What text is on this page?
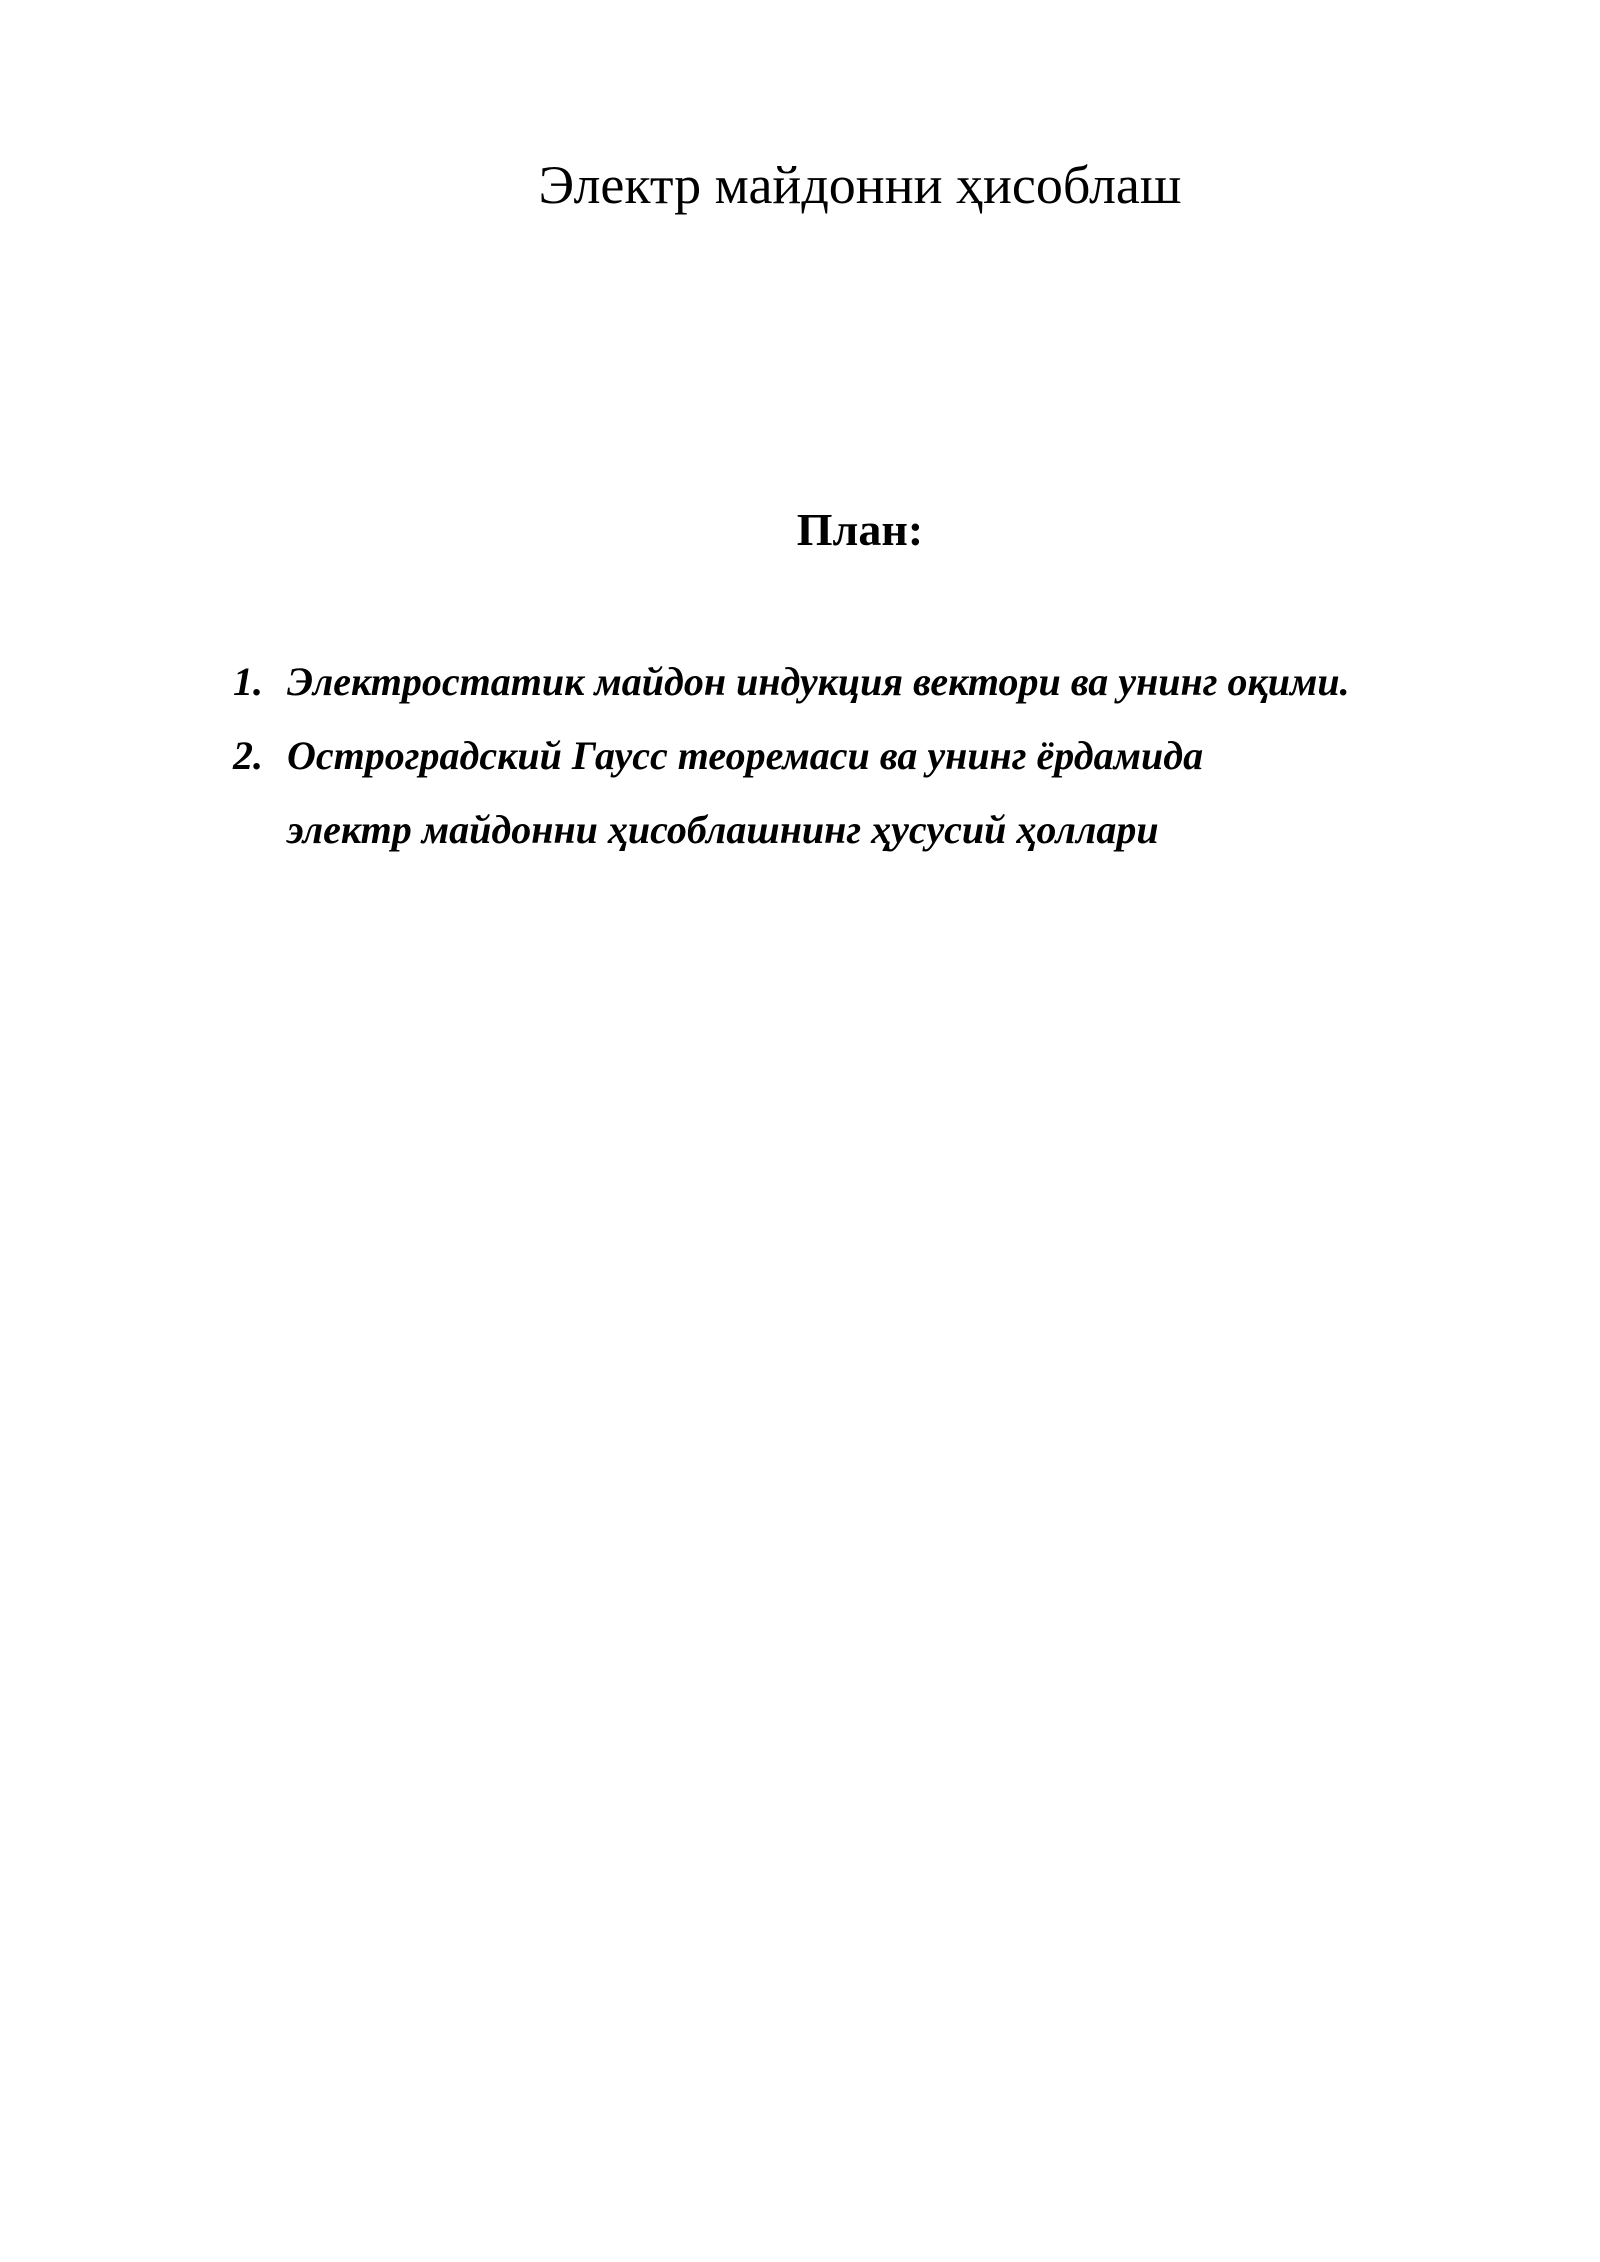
Электр майдонни ҳисоблаш
План:
1. Электростатик майдон индукция вектори ва унинг оқими.
2. Остроградский Гаусс теоремаси ва унинг ёрдамида
электр майдонни ҳисоблашнинг ҳусусий ҳоллари
